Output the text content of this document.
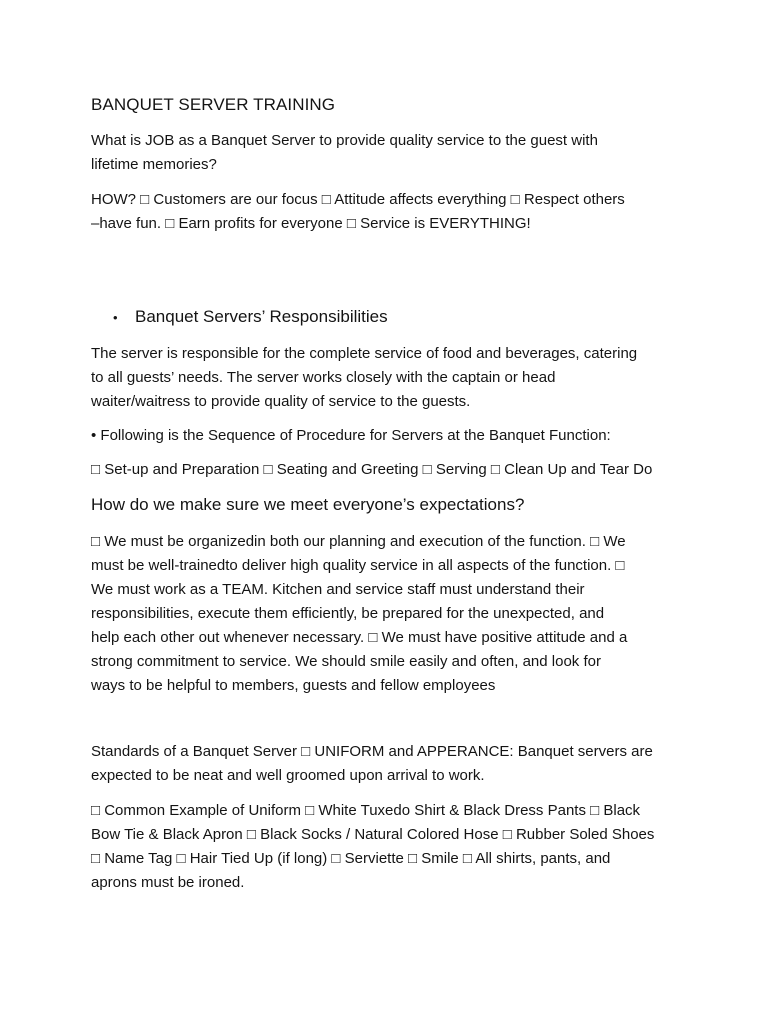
BANQUET SERVER TRAINING
What is JOB as a Banquet Server to provide quality service to the guest with
lifetime memories?
HOW? □ Customers are our focus □ Attitude affects everything □ Respect others
–have fun. □ Earn profits for everyone □ Service is EVERYTHING!
• Banquet Servers’ Responsibilities
The server is responsible for the complete service of food and beverages, catering
to all guests’ needs. The server works closely with the captain or head
waiter/waitress to provide quality of service to the guests.
• Following is the Sequence of Procedure for Servers at the Banquet Function:
□ Set-up and Preparation □ Seating and Greeting □ Serving □ Clean Up and Tear Do
How do we make sure we meet everyone’s expectations?
□ We must be organizedin both our planning and execution of the function. □ We
must be well-trainedto deliver high quality service in all aspects of the function. □
We must work as a TEAM. Kitchen and service staff must understand their
responsibilities, execute them efficiently, be prepared for the unexpected, and
help each other out whenever necessary. □ We must have positive attitude and a
strong commitment to service. We should smile easily and often, and look for
ways to be helpful to members, guests and fellow employees
Standards of a Banquet Server □ UNIFORM and APPERANCE: Banquet servers are
expected to be neat and well groomed upon arrival to work.
□ Common Example of Uniform □ White Tuxedo Shirt & Black Dress Pants □ Black
Bow Tie & Black Apron □ Black Socks / Natural Colored Hose □ Rubber Soled Shoes
□ Name Tag □ Hair Tied Up (if long) □ Serviette □ Smile □ All shirts, pants, and
aprons must be ironed.
